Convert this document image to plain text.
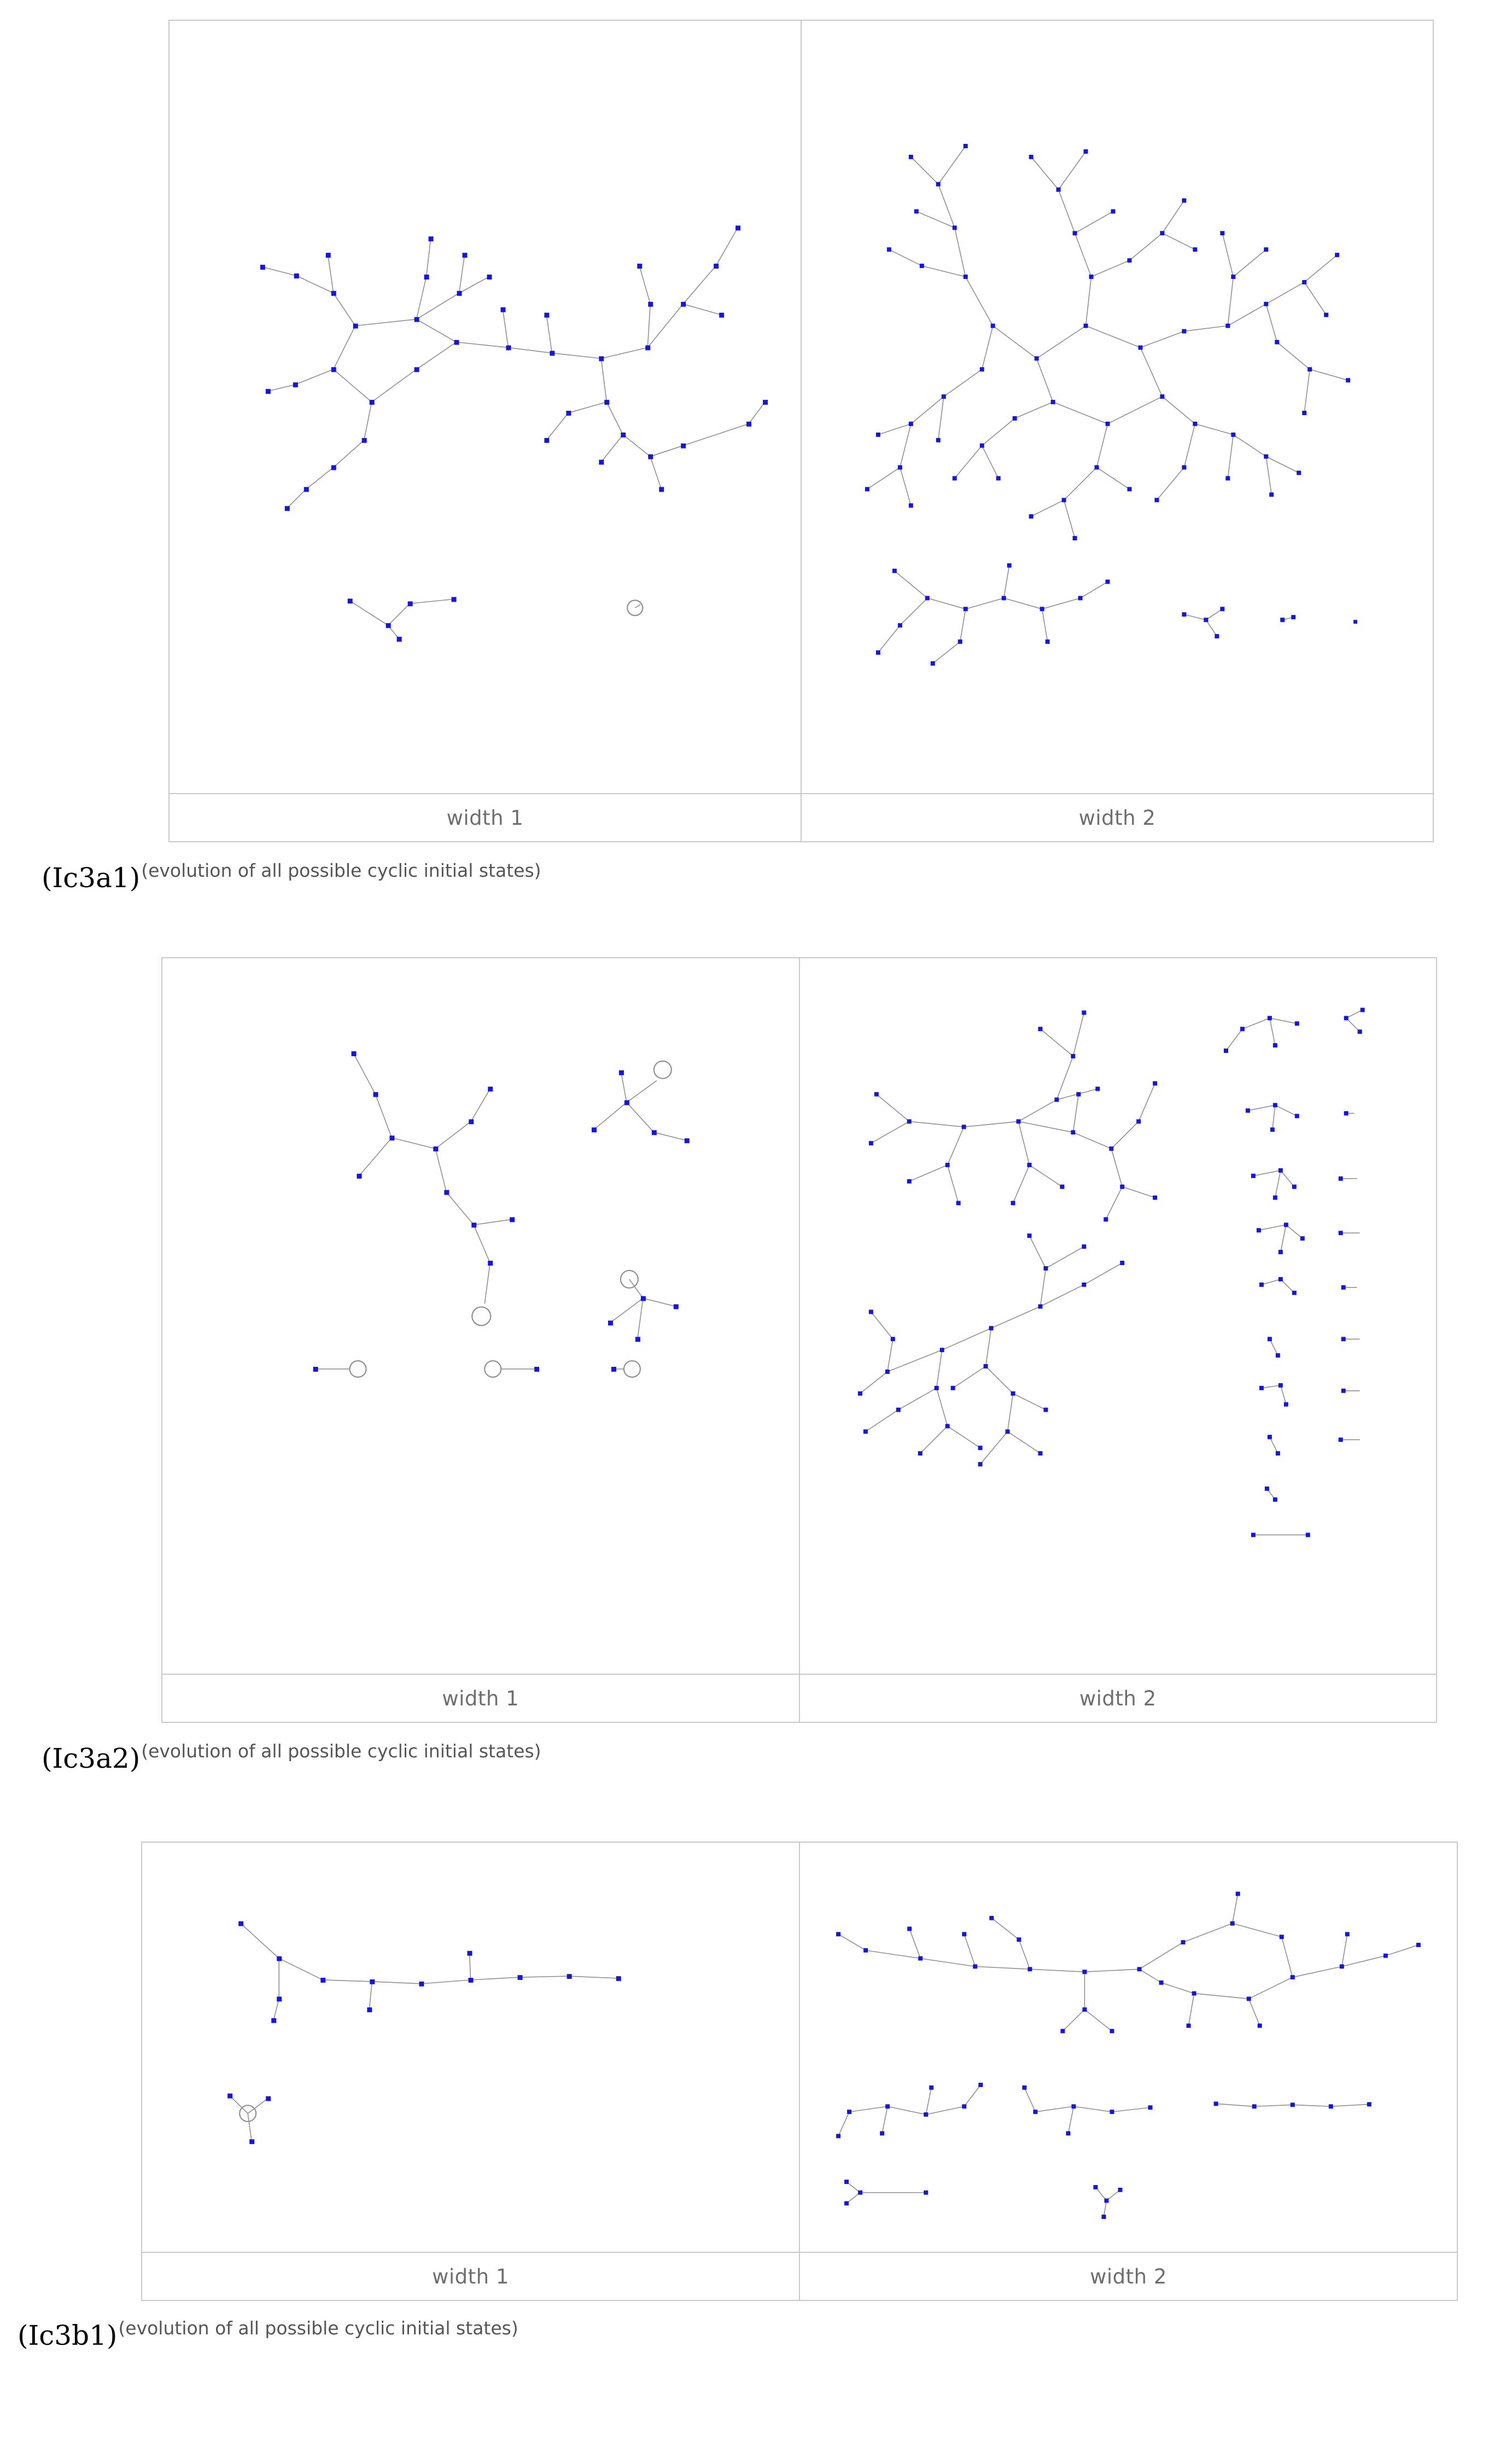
width 1	width 2
(Ic3a1) (evolution of all possible cyclic initial states)
width 1	width 2
(Ic3a2) (evolution of all possible cyclic initial states)
width 1	width 2
(Ic3b1) (evolution of all possible cyclic initial states)
